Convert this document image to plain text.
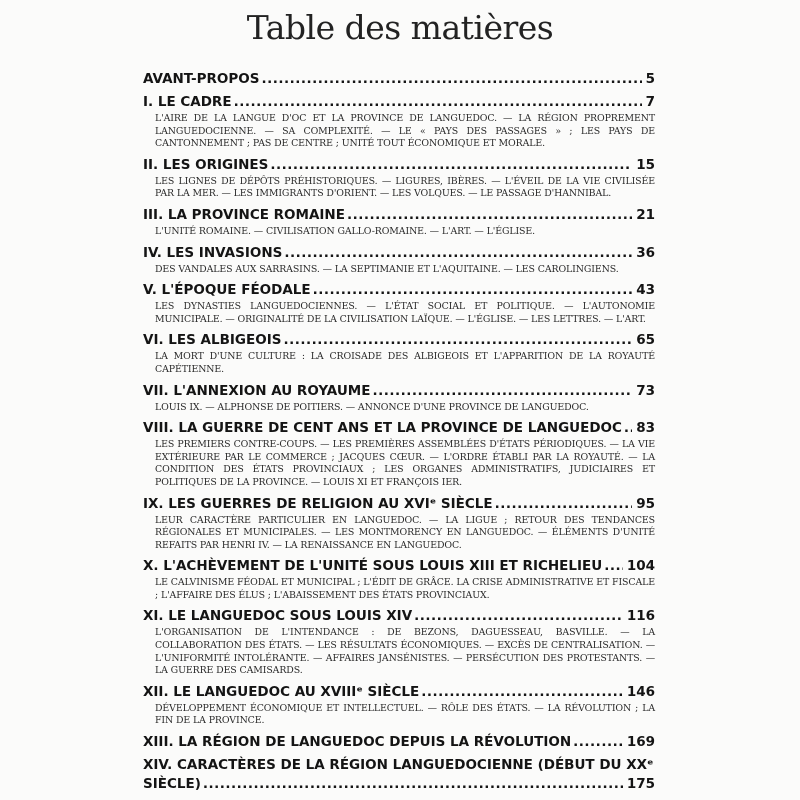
Table des matières
AVANT-PROPOS .....	5
I. LE CADRE .....	7
L'AIRE DE LA LANGUE D'OC ET LA PROVINCE DE LANGUEDOC. — LA RÉGION PROPREMENT LANGUEDOCIENNE. — SA COMPLEXITÉ. — LE « PAYS DES PASSAGES » ; LES PAYS DE CANTONNEMENT ; PAS DE CENTRE ; UNITÉ TOUT ÉCONOMIQUE ET MORALE.
II. LES ORIGINES .....	15
LES LIGNES DE DÉPÔTS PRÉHISTORIQUES. — LIGURES, IBÈRES. — L'ÉVEIL DE LA VIE CIVILISÉE PAR LA MER. — LES IMMIGRANTS D'ORIENT. — LES VOLQUES. — LE PASSAGE D'HANNIBAL.
III. LA PROVINCE ROMAINE .....	21
L'UNITÉ ROMAINE. — CIVILISATION GALLO-ROMAINE. — L'ART. — L'ÉGLISE.
IV. LES INVASIONS .....	36
DES VANDALES AUX SARRASINS. — LA SEPTIMANIE ET L'AQUITAINE. — LES CAROLINGIENS.
V. L'ÉPOQUE FÉODALE .....	43
LES DYNASTIES LANGUEDOCIENNES. — L'ÉTAT SOCIAL ET POLITIQUE. — L'AUTONOMIE MUNICIPALE. — ORIGINALITÉ DE LA CIVILISATION LAÏQUE. — L'ÉGLISE. — LES LETTRES. — L'ART.
VI. LES ALBIGEOIS .....	65
LA MORT D'UNE CULTURE : LA CROISADE DES ALBIGEOIS ET L'APPARITION DE LA ROYAUTÉ CAPÉTIENNE.
VII. L'ANNEXION AU ROYAUME .....	73
LOUIS IX. — ALPHONSE DE POITIERS. — ANNONCE D'UNE PROVINCE DE LANGUEDOC.
VIII. LA GUERRE DE CENT ANS ET LA PROVINCE DE LANGUEDOC ..... 83
LES PREMIERS CONTRE-COUPS. — LES PREMIÈRES ASSEMBLÉES D'ÉTATS PÉRIODIQUES. — LA VIE EXTÉRIEURE PAR LE COMMERCE ; JACQUES CŒUR. — L'ORDRE ÉTABLI PAR LA ROYAUTÉ. — LA CONDITION DES ÉTATS PROVINCIAUX ; LES ORGANES ADMINISTRATIFS, JUDICIAIRES ET POLITIQUES DE LA PROVINCE. — LOUIS XI ET FRANÇOIS IER.
IX. LES GUERRES DE RELIGION AU XVIᵉ SIÈCLE .....	95
LEUR CARACTÈRE PARTICULIER EN LANGUEDOC. — LA LIGUE ; RETOUR DES TENDANCES RÉGIONALES ET MUNICIPALES. — LES MONTMORENCY EN LANGUEDOC. — ÉLÉMENTS D'UNITÉ REFAITS PAR HENRI IV. — LA RENAISSANCE EN LANGUEDOC.
X. L'ACHÈVEMENT DE L'UNITÉ SOUS LOUIS XIII ET RICHELIEU ..... 104
LE CALVINISME FÉODAL ET MUNICIPAL ; L'ÉDIT DE GRÂCE. LA CRISE ADMINISTRATIVE ET FISCALE ; L'AFFAIRE DES ÉLUS ; L'ABAISSEMENT DES ÉTATS PROVINCIAUX.
XI. LE LANGUEDOC SOUS LOUIS XIV .....	116
L'ORGANISATION DE L'INTENDANCE : DE BEZONS, DAGUESSEAU, BASVILLE. — LA COLLABORATION DES ÉTATS. — LES RÉSULTATS ÉCONOMIQUES. — EXCÈS DE CENTRALISATION. — L'UNIFORMITÉ INTOLÉRANTE. — AFFAIRES JANSÉNISTES. — PERSÉCUTION DES PROTESTANTS. — LA GUERRE DES CAMISARDS.
XII. LE LANGUEDOC AU XVIIIᵉ SIÈCLE .....	146
DÉVELOPPEMENT ÉCONOMIQUE ET INTELLECTUEL. — RÔLE DES ÉTATS. — LA RÉVOLUTION ; LA FIN DE LA PROVINCE.
XIII. LA RÉGION DE LANGUEDOC DEPUIS LA RÉVOLUTION .....	169
XIV. CARACTÈRES DE LA RÉGION LANGUEDOCIENNE (DÉBUT DU XXᵉ
SIÈCLE) .....	175
